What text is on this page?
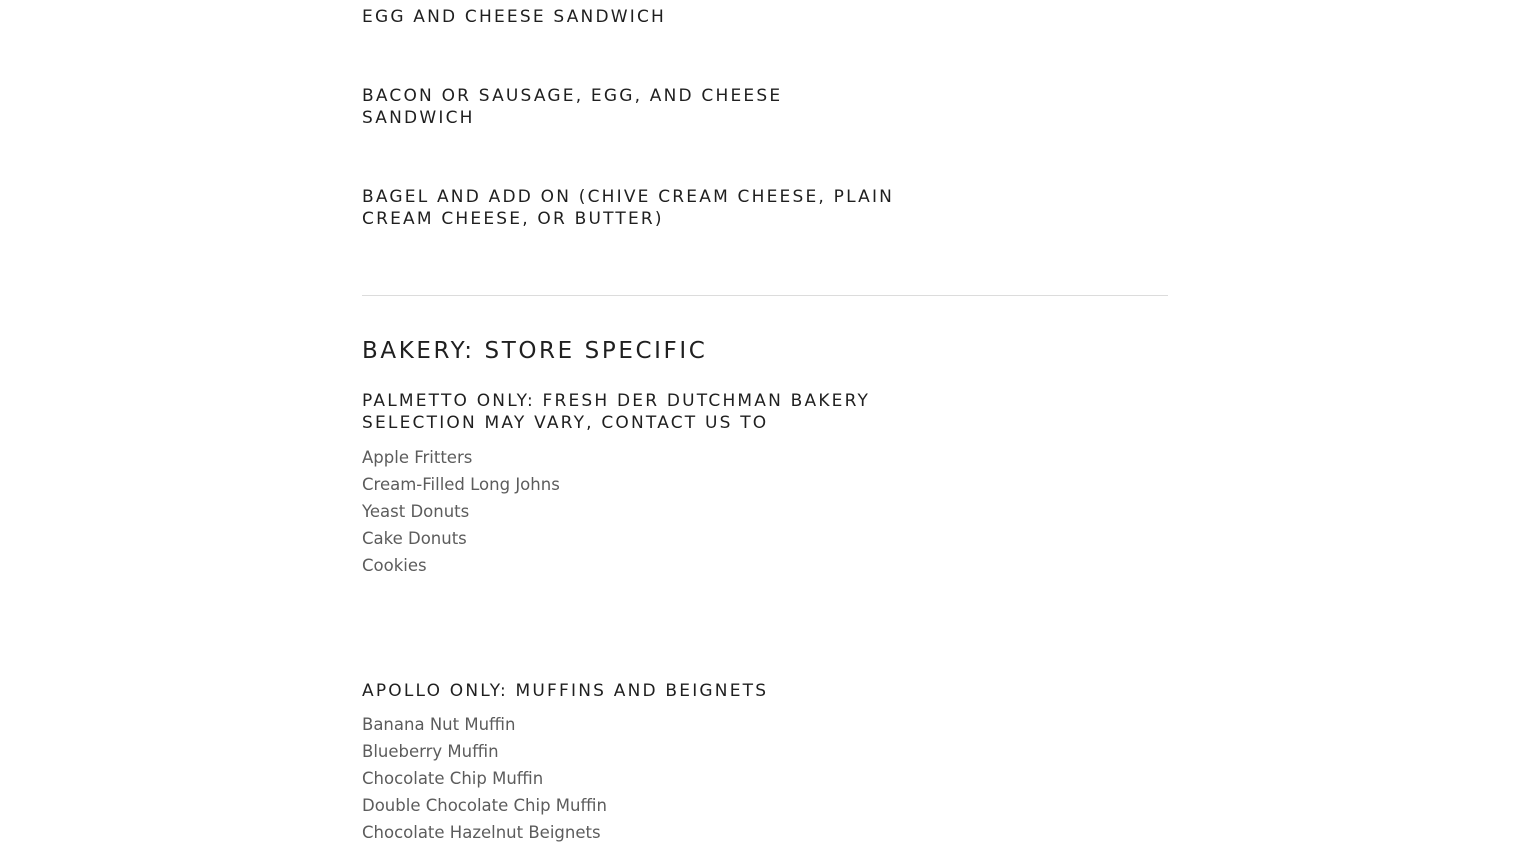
EGG AND CHEESE SANDWICH
BACON OR SAUSAGE, EGG, AND CHEESE SANDWICH
BAGEL AND ADD ON (CHIVE CREAM CHEESE, PLAIN CREAM CHEESE, OR BUTTER)
BAKERY: STORE SPECIFIC
PALMETTO ONLY: FRESH DER DUTCHMAN BAKERY SELECTION MAY VARY, CONTACT US TO
Apple Fritters
Cream-Filled Long Johns
Yeast Donuts
Cake Donuts
Cookies
APOLLO ONLY: MUFFINS AND BEIGNETS
Banana Nut Muffin
Blueberry Muffin
Chocolate Chip Muffin
Double Chocolate Chip Muffin
Chocolate Hazelnut Beignets
